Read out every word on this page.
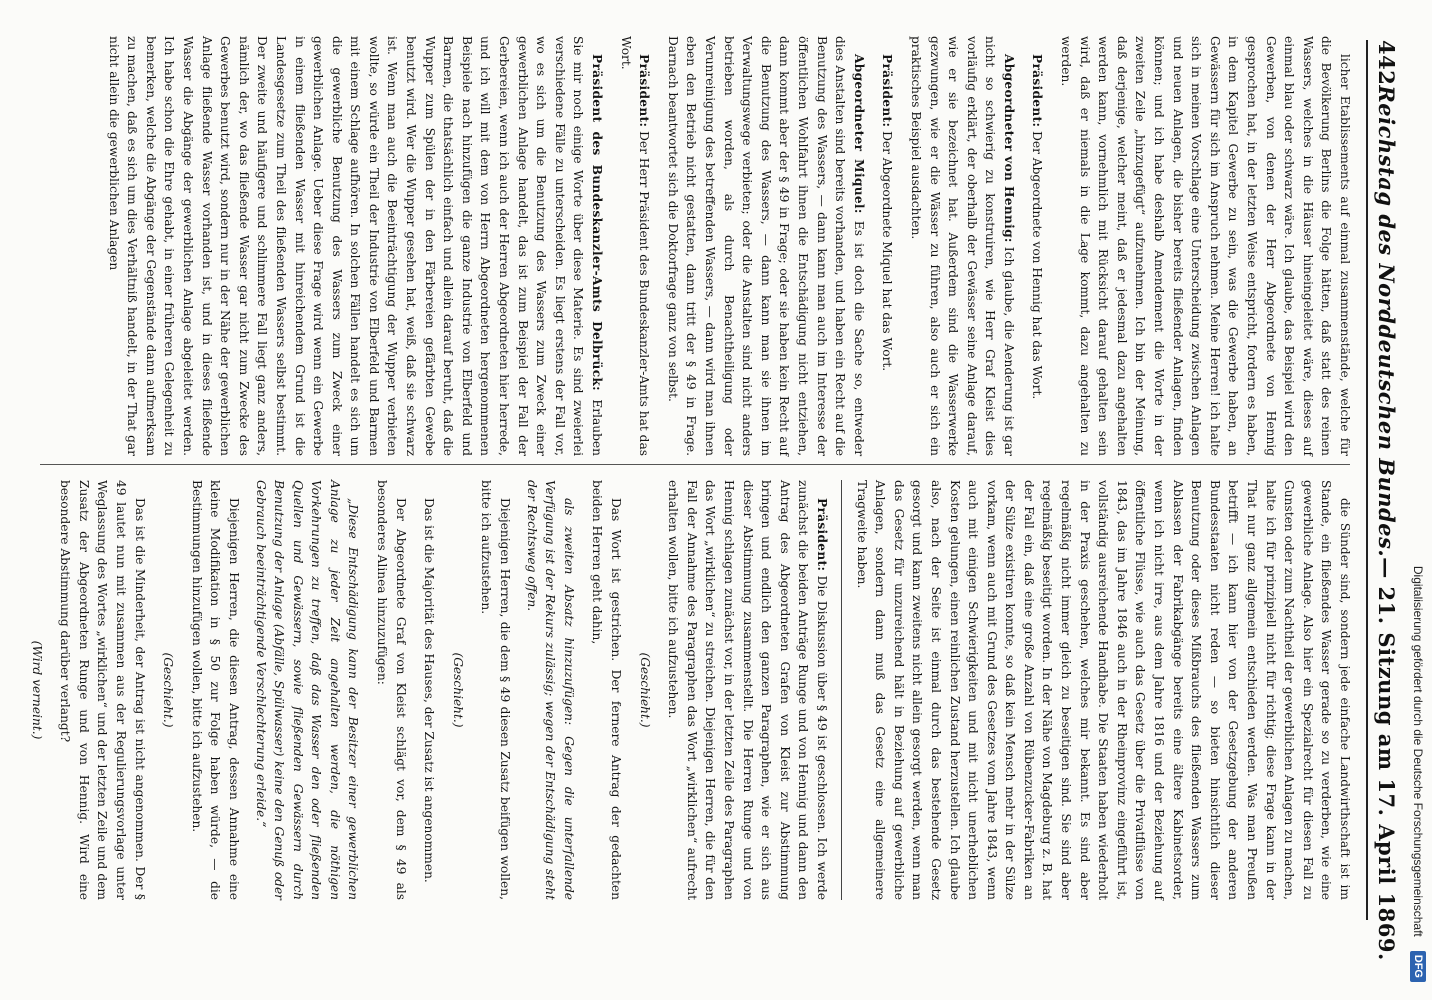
Digitalisierung gefördert durch die Deutsche Forschungsgemeinschaft
DFG
442
Reichstag des Norddeutschen Bundes.
— 21. Sitzung am 17. April 1869.

licher Etablissements auf einmal zusammenstände, welche für die Bevölkerung Berlins die Folge hätten, daß statt des reinen Wassers, welches in die Häuser hineingeleitet wäre, dieses auf einmal blau oder schwarz wäre. Ich glaube, das Beispiel wird den Gewerben, von denen der Herr Abgeordnete von Hennig gesprochen hat, in der letzten Weise entspricht, fordern es haben, in dem Kapitel Gewerbe zu sein, was die Gewerbe haben, an Gewässern für sich im Anspruch nehmen. Meine Herren! ich halte sich in meinen Vorschlage eine Unterscheidung zwischen Anlagen und neuen Anlagen, die bisher bereits fließender Anlagen, finden können; und ich habe deshalb Amendement die Worte in der zweiten Zeile „hinzugefügt“ aufzunehmen. Ich bin der Meinung, daß derjenige, welcher meint, daß er jedesmal dazu angehalten werden kann, vornehmlich mit Rücksicht darauf gehalten sein wird, daß er niemals in die Lage kommt, dazu angehalten zu werden.

Präsident: Der Abgeordnete von Hennig hat das Wort.

Abgeordneter von Hennig: Ich glaube, die Aenderung ist gar nicht so schwierig zu konstruiren, wie Herr Graf Kleist dies vorläufig erklärt, der oberhalb der Gewässer seine Anlage darauf, wie er sie bezeichnet hat. Außerdem sind die Wasserwerke gezwungen, wie er die Wässer zu führen, also auch er sich ein praktisches Beispiel ausdachten.

Präsident: Der Abgeordnete Miquel hat das Wort.

Abgeordneter Miquel: Es ist doch die Sache so, entweder dies Anstalten sind bereits vorhanden, und haben ein Recht auf die Benutzung des Wassers, — dann kann man auch im Interesse der öffentlichen Wohlfahrt ihnen die Entschädigung nicht entziehen, dann kommt aber der § 49 in Frage; oder sie haben kein Recht auf die Benutzung des Wassers, — dann kann man sie ihnen im Verwaltungswege verbieten; oder die Anstalten sind nicht anders betrieben worden, als durch Benachtheiligung oder Verunreinigung des betreffenden Wassers, — dann wird man ihnen eben den Betrieb nicht gestatten, dann tritt der § 49 in Frage. Darnach beantwortet sich die Doktorfrage ganz von selbst.

Präsident: Der Herr Präsident des Bundeskanzler-Amts hat das Wort.

Präsident des Bundeskanzler-Amts Delbrück: Erlauben Sie mir noch einige Worte über diese Materie. Es sind zweierlei verschiedene Fälle zu unterscheiden. Es liegt erstens der Fall vor, wo es sich um die Benutzung des Wassers zum Zweck einer gewerblichen Anlage handelt, das ist zum Beispiel der Fall der Gerbereien, wenn ich auch der Herren Abgeordneten hier herrede, und ich will mit dem von Herrn Abgeordneten hergenommenen Beispiele nach hinzufügen die ganze Industrie von Elberfeld und Barmen, die thatsächlich einfach und allein darauf beruht, daß die Wupper zum Spülen der in den Färbereien gefärbten Gewebe benutzt wird. Wer die Wupper gesehen hat, weiß, daß sie schwarz ist. Wenn man auch die Beeinträchtigung der Wupper verbieten wollte, so würde ein Theil der Industrie von Elberfeld und Barmen mit einem Schlage aufhören. In solchen Fällen handelt es sich um die gewerbliche Benutzung des Wassers zum Zweck einer gewerblichen Anlage. Ueber diese Frage wird wenn ein Gewerbe in einem fließenden Wasser mit hinreichendem Grund ist die Landesgesetze zum Theil des fließenden Wassers selbst bestimmt. Der zweite und häufigere und schlimmere Fall liegt ganz anders, nämlich der, wo das fließende Wasser gar nicht zum Zwecke des Gewerbes benutzt wird, sondern nur in der Nähe der gewerblichen Anlage fließende Wasser vorhanden ist, und in dieses fließende Wasser die Abgänge der gewerblichen Anlage abgeleitet werden. Ich habe schon die Ehre gehabt, in einer früheren Gelegenheit zu bemerken, welche die Abgänge der Gegenstände dann aufmerksam zu machen, daß es sich um dies Verhältniß handelt, in der That gar nicht allein die gewerblichen Anlagen

die Sünder sind, sondern jede einfache Landwirthschaft ist im Stande, ein fließendes Wasser gerade so zu verderben, wie eine gewerbliche Anlage. Also hier ein Spezialrecht für diesen Fall zu Gunsten oder zum Nachtheil der gewerblichen Anlagen zu machen, halte ich für prinzipiell nicht für richtig; diese Frage kann in der That nur ganz allgemein entschieden werden. Was man Preußen betrifft — ich kann hier von der Gesetzgebung der anderen Bundesstaaten nicht reden — so bieten hinsichtlich dieser Benutzung oder dieses Mißbrauchs des fließenden Wassers zum Ablassen der Fabrikabgänge bereits eine ältere Kabinetsorder, wenn ich nicht irre, aus dem Jahre 1816 und der Beziehung auf öffentliche Flüsse, wie auch das Gesetz über die Privatflüsse von 1843, das im Jahre 1846 auch in der Rheinprovinz eingeführt ist, vollständig ausreichende Handhabe. Die Staaten haben wiederholt in der Praxis geschehen, welches mir bekannt. Es sind aber regelmäßig nicht immer gleich zu beseitigen sind. Sie sind aber regelmäßig beseitigt worden. In der Nähe von Magdeburg z. B. hat der Fall ein, daß eine große Anzahl von Rübenzucker-Fabriken an der Sülze existiren konnte, so daß kein Mensch mehr in der Sülze vorkam, wenn auch mit Grund des Gesetzes vom Jahre 1843, wenn auch mit einigen Schwierigkeiten und mit nicht unerheblichen Kosten gelungen, einen reinlichen Zustand herzustellen. Ich glaube also, nach der Seite ist einmal durch das bestehende Gesetz gesorgt und kann zweitens nicht allein gesorgt werden, wenn man das Gesetz für unzureichend hält in Beziehung auf gewerbliche Anlagen, sondern dann muß das Gesetz eine allgemeinere Tragweite haben.

Präsident: Die Diskussion über § 49 ist geschlossen. Ich werde zunächst die beiden Anträge Runge und von Hennig und dann den Antrag des Abgeordneten Grafen von Kleist zur Abstimmung bringen und endlich den ganzen Paragraphen, wie er sich aus dieser Abstimmung zusammenstellt. Die Herren Runge und von Hennig schlagen zunächst vor, in der letzten Zeile des Paragraphen das Wort „wirklichen“ zu streichen. Diejenigen Herren, die für den Fall der Annahme des Paragraphen das Wort „wirklichen“ aufrecht erhalten wollen, bitte ich aufzustehen.

(Geschieht.)

Das Wort ist gestrichen. Der fernere Antrag der gedachten beiden Herren geht dahin,

als zweiten Absatz hinzuzufügen: Gegen die unterfallende Verfügung ist der Rekurs zulässig; wegen der Entschädigung steht der Rechtsweg offen.

Diejenigen Herren, die dem § 49 diesen Zusatz beifügen wollen, bitte ich aufzustehen.

(Geschieht.)

Das ist die Majorität des Hauses, der Zusatz ist angenommen.

Der Abgeordnete Graf von Kleist schlägt vor, dem § 49 als besonderes Alinea hinzuzufügen:

„Diese Entschädigung kann der Besitzer einer gewerblichen Anlage zu jeder Zeit angehalten werden, die nöthigen Vorkehrungen zu treffen, daß das Wasser den oder fließenden Quellen und Gewässern, sowie fließenden Gewässern durch Benutzung der Anlage (Abfälle, Spülwasser) keine den Genuß oder Gebrauch beeinträchtigende Verschlechterung erleide.“

Diejenigen Herren, die diesen Antrag, dessen Annahme eine kleine Modifikation in § 50 zur Folge haben würde, — die Bestimmungen hinzufügen wollen, bitte ich aufzustehen.

(Geschieht.)

Das ist die Minderheit, der Antrag ist nicht angenommen. Der § 49 lautet nun mit zusammen aus der Regulierungsvorlage unter Weglassung des Wortes „wirklichen“ und der letzten Zeile und dem Zusatz der Abgeordneten Runge und von Hennig. Wird eine besondere Abstimmung darüber verlangt?

(Wird verneint.)
